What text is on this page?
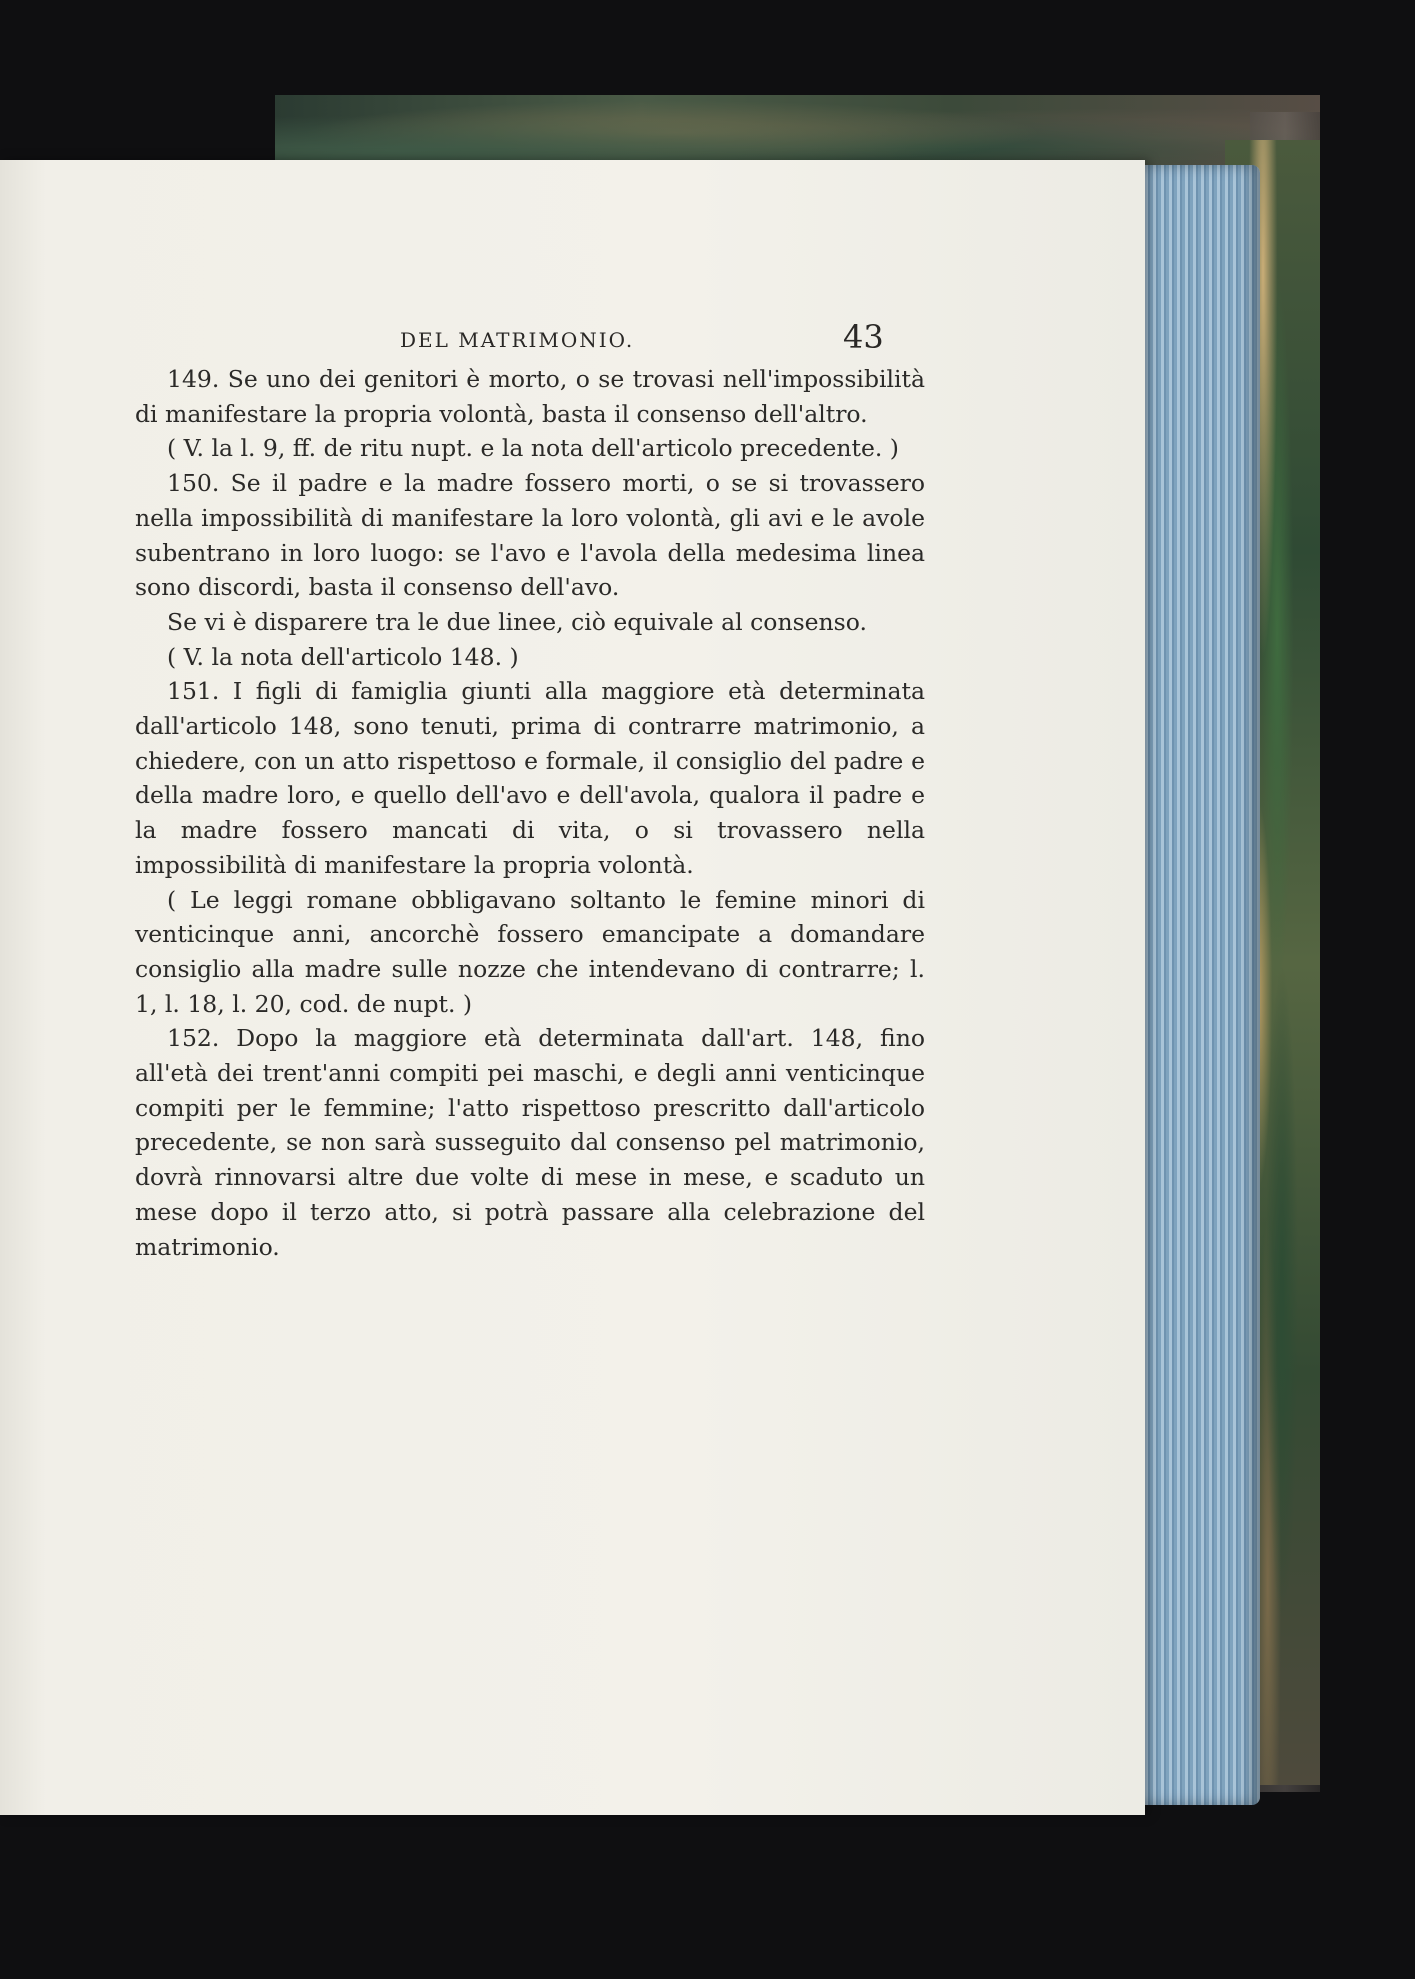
DEL MATRIMONIO.	43

149. Se uno dei genitori è morto, o se trovasi nell'impossibilità di manifestare la propria volontà, basta il consenso dell'altro.

( V. la l. 9, ff. de ritu nupt. e la nota dell'articolo precedente. )

150. Se il padre e la madre fossero morti, o se si trovassero nella impossibilità di manifestare la loro volontà, gli avi e le avole subentrano in loro luogo: se l'avo e l'avola della medesima linea sono discordi, basta il consenso dell'avo.

Se vi è disparere tra le due linee, ciò equivale al consenso.

( V. la nota dell'articolo 148. )

151. I figli di famiglia giunti alla maggiore età determinata dall'articolo 148, sono tenuti, prima di contrarre matrimonio, a chiedere, con un atto rispettoso e formale, il consiglio del padre e della madre loro, e quello dell'avo e dell'avola, qualora il padre e la madre fossero mancati di vita, o si trovassero nella impossibilità di manifestare la propria volontà.

( Le leggi romane obbligavano soltanto le femine minori di venticinque anni, ancorchè fossero emancipate a domandare consiglio alla madre sulle nozze che intendevano di contrarre; l. 1, l. 18, l. 20, cod. de nupt. )

152. Dopo la maggiore età determinata dall'art. 148, fino all'età dei trent'anni compiti pei maschi, e degli anni venticinque compiti per le femmine; l'atto rispettoso prescritto dall'articolo precedente, se non sarà susseguito dal consenso pel matrimonio, dovrà rinnovarsi altre due volte di mese in mese, e scaduto un mese dopo il terzo atto, si potrà passare alla celebrazione del matrimonio.
